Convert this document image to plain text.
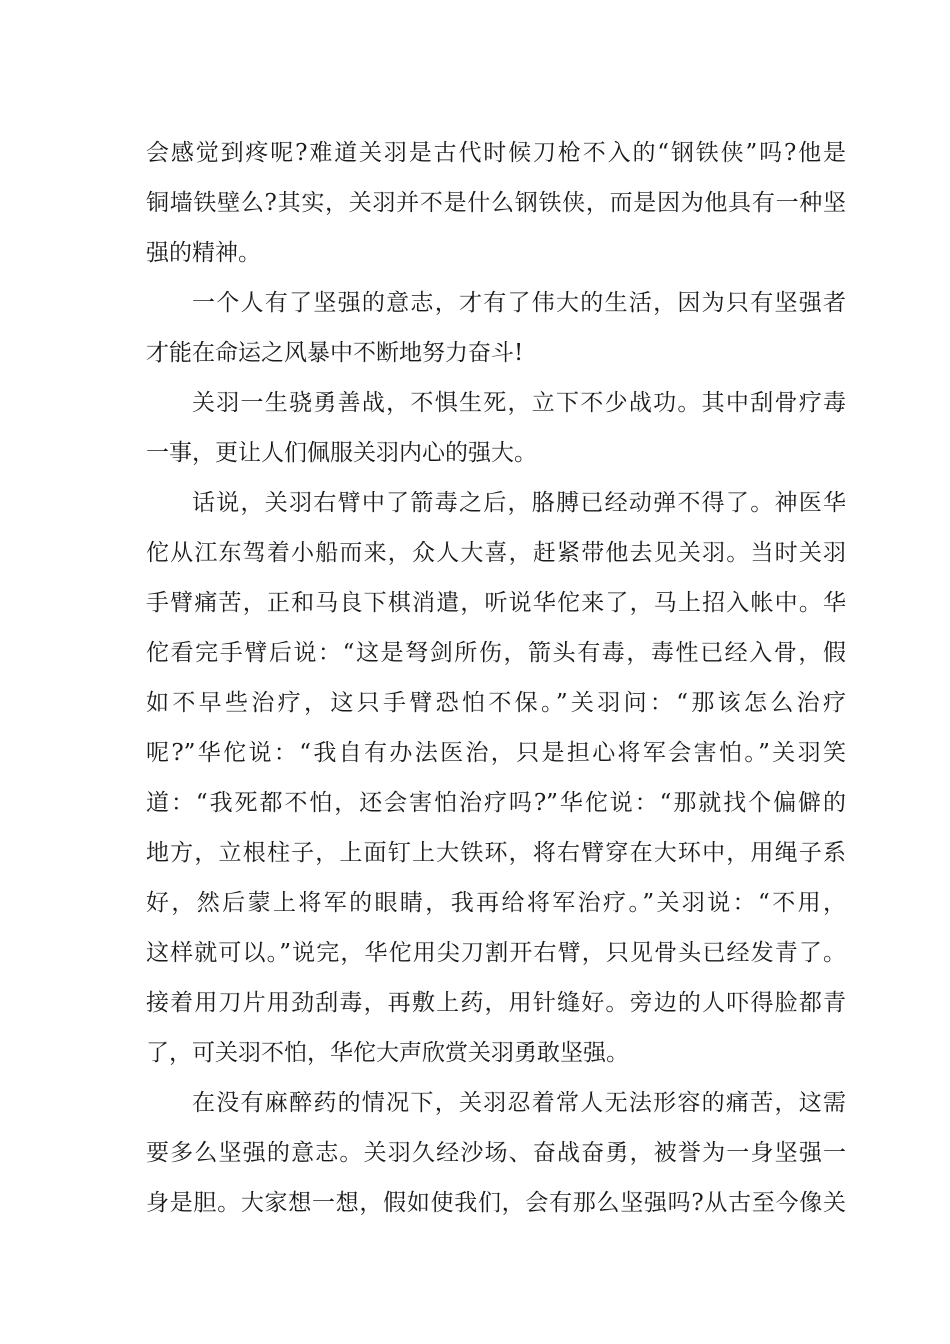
会感觉到疼呢?难道关羽是古代时候刀枪不入的“钢铁侠”吗?他是
铜墙铁壁么?其实，关羽并不是什么钢铁侠，而是因为他具有一种坚
强的精神。
一个人有了坚强的意志，才有了伟大的生活，因为只有坚强者
才能在命运之风暴中不断地努力奋斗!
关羽一生骁勇善战，不惧生死，立下不少战功。其中刮骨疗毒
一事，更让人们佩服关羽内心的强大。
话说，关羽右臂中了箭毒之后，胳膊已经动弹不得了。神医华
佗从江东驾着小船而来，众人大喜，赶紧带他去见关羽。当时关羽
手臂痛苦，正和马良下棋消遣，听说华佗来了，马上招入帐中。华
佗看完手臂后说：“这是弩剑所伤，箭头有毒，毒性已经入骨，假
如不早些治疗，这只手臂恐怕不保。”关羽问：“那该怎么治疗
呢?”华佗说：“我自有办法医治，只是担心将军会害怕。”关羽笑
道：“我死都不怕，还会害怕治疗吗?”华佗说：“那就找个偏僻的
地方，立根柱子，上面钉上大铁环，将右臂穿在大环中，用绳子系
好，然后蒙上将军的眼睛，我再给将军治疗。”关羽说：“不用，
这样就可以。”说完，华佗用尖刀割开右臂，只见骨头已经发青了。
接着用刀片用劲刮毒，再敷上药，用针缝好。旁边的人吓得脸都青
了，可关羽不怕，华佗大声欣赏关羽勇敢坚强。
在没有麻醉药的情况下，关羽忍着常人无法形容的痛苦，这需
要多么坚强的意志。关羽久经沙场、奋战奋勇，被誉为一身坚强一
身是胆。大家想一想，假如使我们，会有那么坚强吗?从古至今像关
